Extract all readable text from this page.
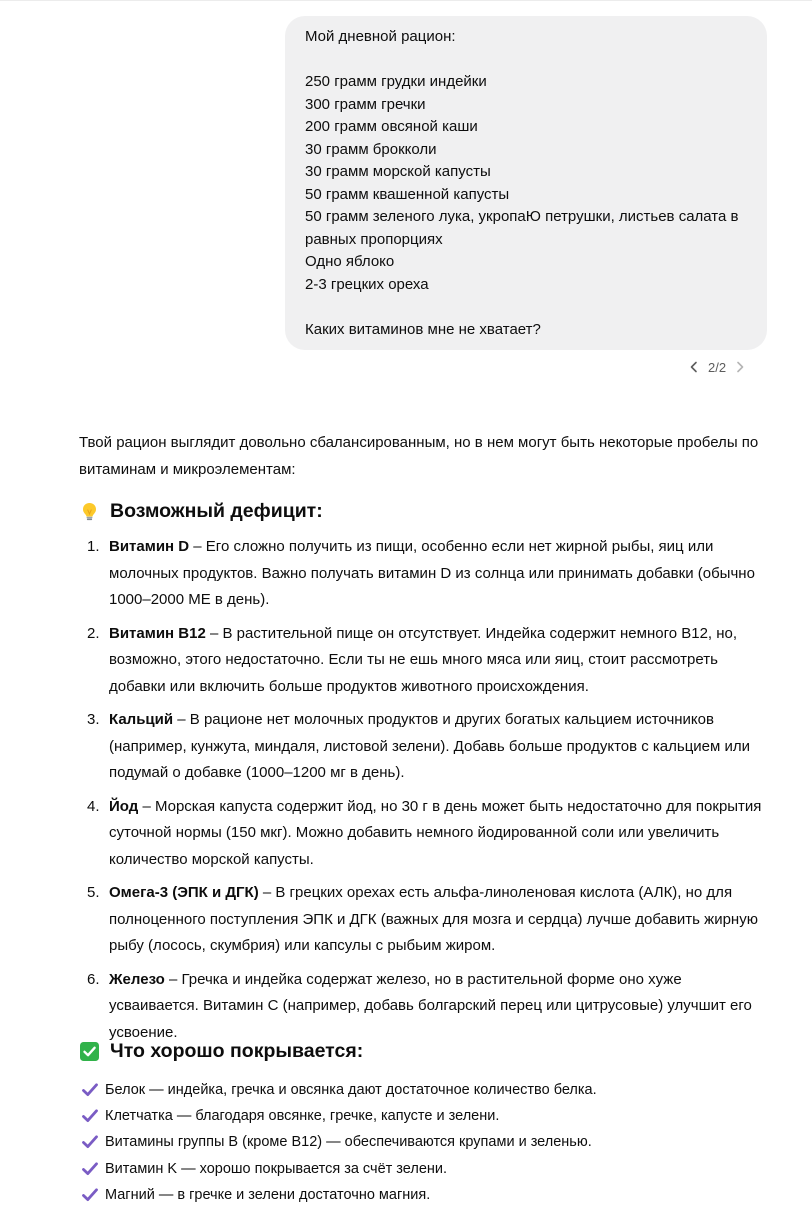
Мой дневной рацион:
250 грамм грудки индейки
300 грамм гречки
200 грамм овсяной каши
30 грамм брокколи
30 грамм морской капусты
50 грамм квашенной капусты
50 грамм зеленого лука, укропаЮ петрушки, листьев салата в равных пропорциях
Одно яблоко
2-3 грецких ореха
Каких витаминов мне не хватает?
2/2

Твой рацион выглядит довольно сбалансированным, но в нем могут быть некоторые пробелы по витаминам и микроэлементам:

Возможный дефицит:
1. Витамин D – Его сложно получить из пищи, особенно если нет жирной рыбы, яиц или молочных продуктов. Важно получать витамин D из солнца или принимать добавки (обычно 1000–2000 МЕ в день).
2. Витамин B12 – В растительной пище он отсутствует. Индейка содержит немного B12, но, возможно, этого недостаточно. Если ты не ешь много мяса или яиц, стоит рассмотреть добавки или включить больше продуктов животного происхождения.
3. Кальций – В рационе нет молочных продуктов и других богатых кальцием источников (например, кунжута, миндаля, листовой зелени). Добавь больше продуктов с кальцием или подумай о добавке (1000–1200 мг в день).
4. Йод – Морская капуста содержит йод, но 30 г в день может быть недостаточно для покрытия суточной нормы (150 мкг). Можно добавить немного йодированной соли или увеличить количество морской капусты.
5. Омега-3 (ЭПК и ДГК) – В грецких орехах есть альфа-линоленовая кислота (АЛК), но для полноценного поступления ЭПК и ДГК (важных для мозга и сердца) лучше добавить жирную рыбу (лосось, скумбрия) или капсулы с рыбьим жиром.
6. Железо – Гречка и индейка содержат железо, но в растительной форме оно хуже усваивается. Витамин C (например, добавь болгарский перец или цитрусовые) улучшит его усвоение.
Что хорошо покрывается:
Белок — индейка, гречка и овсянка дают достаточное количество белка.
Клетчатка — благодаря овсянке, гречке, капусте и зелени.
Витамины группы B (кроме B12) — обеспечиваются крупами и зеленью.
Витамин K — хорошо покрывается за счёт зелени.
Магний — в гречке и зелени достаточно магния.
